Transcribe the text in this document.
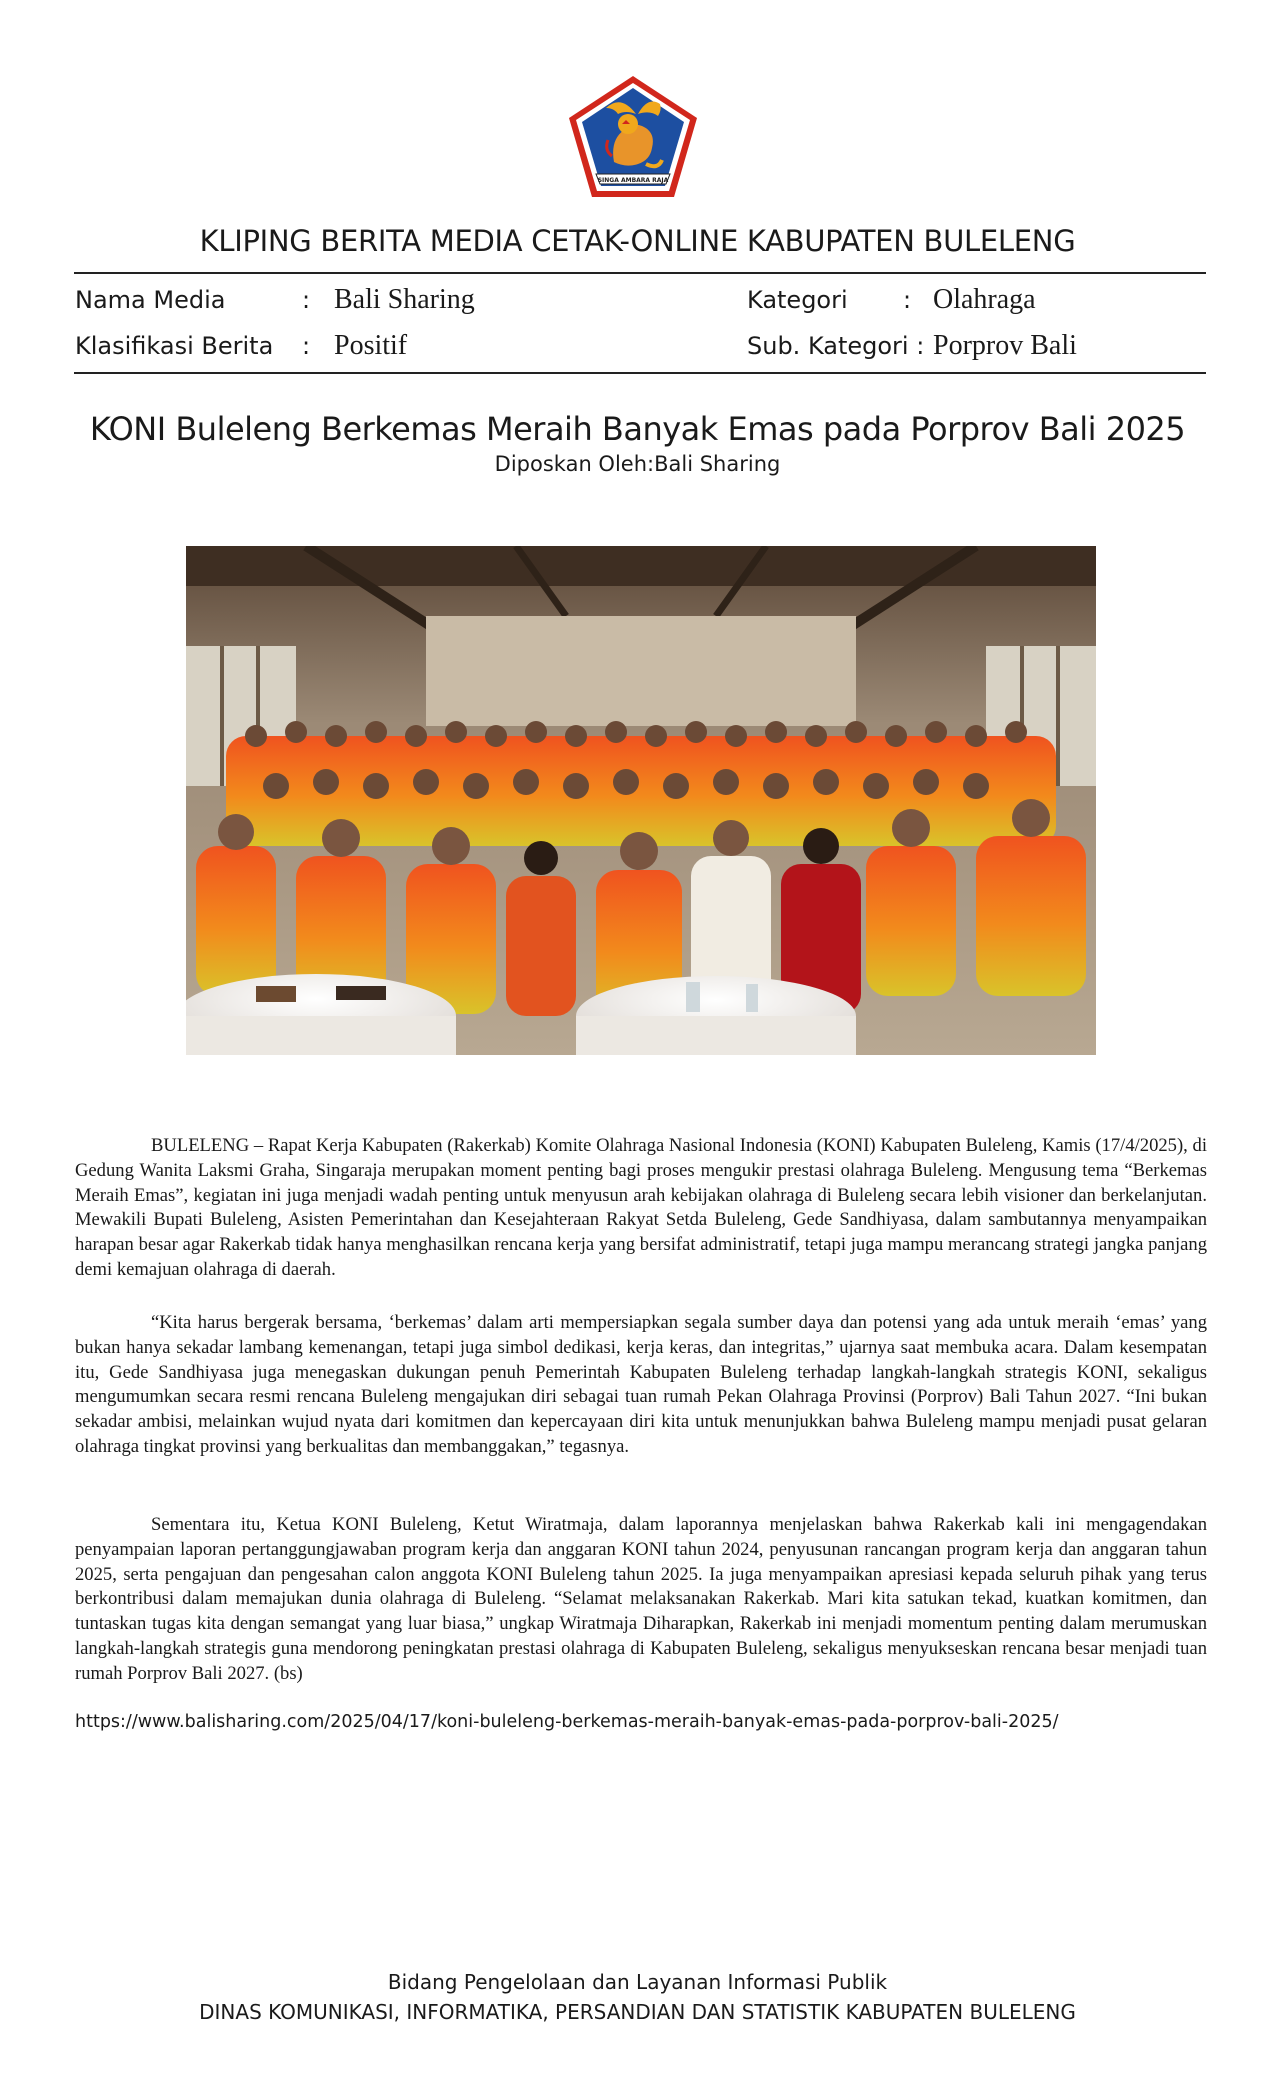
SINGA AMBARA RAJA
KLIPING BERITA MEDIA CETAK-ONLINE KABUPATEN BULELENG
Nama Media	: Bali Sharing
Klasifikasi Berita : Positif
Kategori : Olahraga
Sub. Kategori : Porprov Bali
KONI Buleleng Berkemas Meraih Banyak Emas pada Porprov Bali 2025
Diposkan Oleh:Bali Sharing

BULELENG – Rapat Kerja Kabupaten (Rakerkab) Komite Olahraga Nasional Indonesia (KONI) Kabupaten Buleleng, Kamis (17/4/2025), di Gedung Wanita Laksmi Graha, Singaraja merupakan moment penting bagi proses mengukir prestasi olahraga Buleleng. Mengusung tema “Berkemas Meraih Emas”, kegiatan ini juga menjadi wadah penting untuk menyusun arah kebijakan olahraga di Buleleng secara lebih visioner dan berkelanjutan. Mewakili Bupati Buleleng, Asisten Pemerintahan dan Kesejahteraan Rakyat Setda Buleleng, Gede Sandhiyasa, dalam sambutannya menyampaikan harapan besar agar Rakerkab tidak hanya menghasilkan rencana kerja yang bersifat administratif, tetapi juga mampu merancang strategi jangka panjang demi kemajuan olahraga di daerah.

“Kita harus bergerak bersama, ‘berkemas’ dalam arti mempersiapkan segala sumber daya dan potensi yang ada untuk meraih ‘emas’ yang bukan hanya sekadar lambang kemenangan, tetapi juga simbol dedikasi, kerja keras, dan integritas,” ujarnya saat membuka acara. Dalam kesempatan itu, Gede Sandhiyasa juga menegaskan dukungan penuh Pemerintah Kabupaten Buleleng terhadap langkah-langkah strategis KONI, sekaligus mengumumkan secara resmi rencana Buleleng mengajukan diri sebagai tuan rumah Pekan Olahraga Provinsi (Porprov) Bali Tahun 2027. “Ini bukan sekadar ambisi, melainkan wujud nyata dari komitmen dan kepercayaan diri kita untuk menunjukkan bahwa Buleleng mampu menjadi pusat gelaran olahraga tingkat provinsi yang berkualitas dan membanggakan,” tegasnya.

Sementara itu, Ketua KONI Buleleng, Ketut Wiratmaja, dalam laporannya menjelaskan bahwa Rakerkab kali ini mengagendakan penyampaian laporan pertanggungjawaban program kerja dan anggaran KONI tahun 2024, penyusunan rancangan program kerja dan anggaran tahun 2025, serta pengajuan dan pengesahan calon anggota KONI Buleleng tahun 2025. Ia juga menyampaikan apresiasi kepada seluruh pihak yang terus berkontribusi dalam memajukan dunia olahraga di Buleleng. “Selamat melaksanakan Rakerkab. Mari kita satukan tekad, kuatkan komitmen, dan tuntaskan tugas kita dengan semangat yang luar biasa,” ungkap Wiratmaja Diharapkan, Rakerkab ini menjadi momentum penting dalam merumuskan langkah-langkah strategis guna mendorong peningkatan prestasi olahraga di Kabupaten Buleleng, sekaligus menyukseskan rencana besar menjadi tuan rumah Porprov Bali 2027. (bs)

https://www.balisharing.com/2025/04/17/koni-buleleng-berkemas-meraih-banyak-emas-pada-porprov-bali-2025/
Bidang Pengelolaan dan Layanan Informasi Publik
DINAS KOMUNIKASI, INFORMATIKA, PERSANDIAN DAN STATISTIK KABUPATEN BULELENG
